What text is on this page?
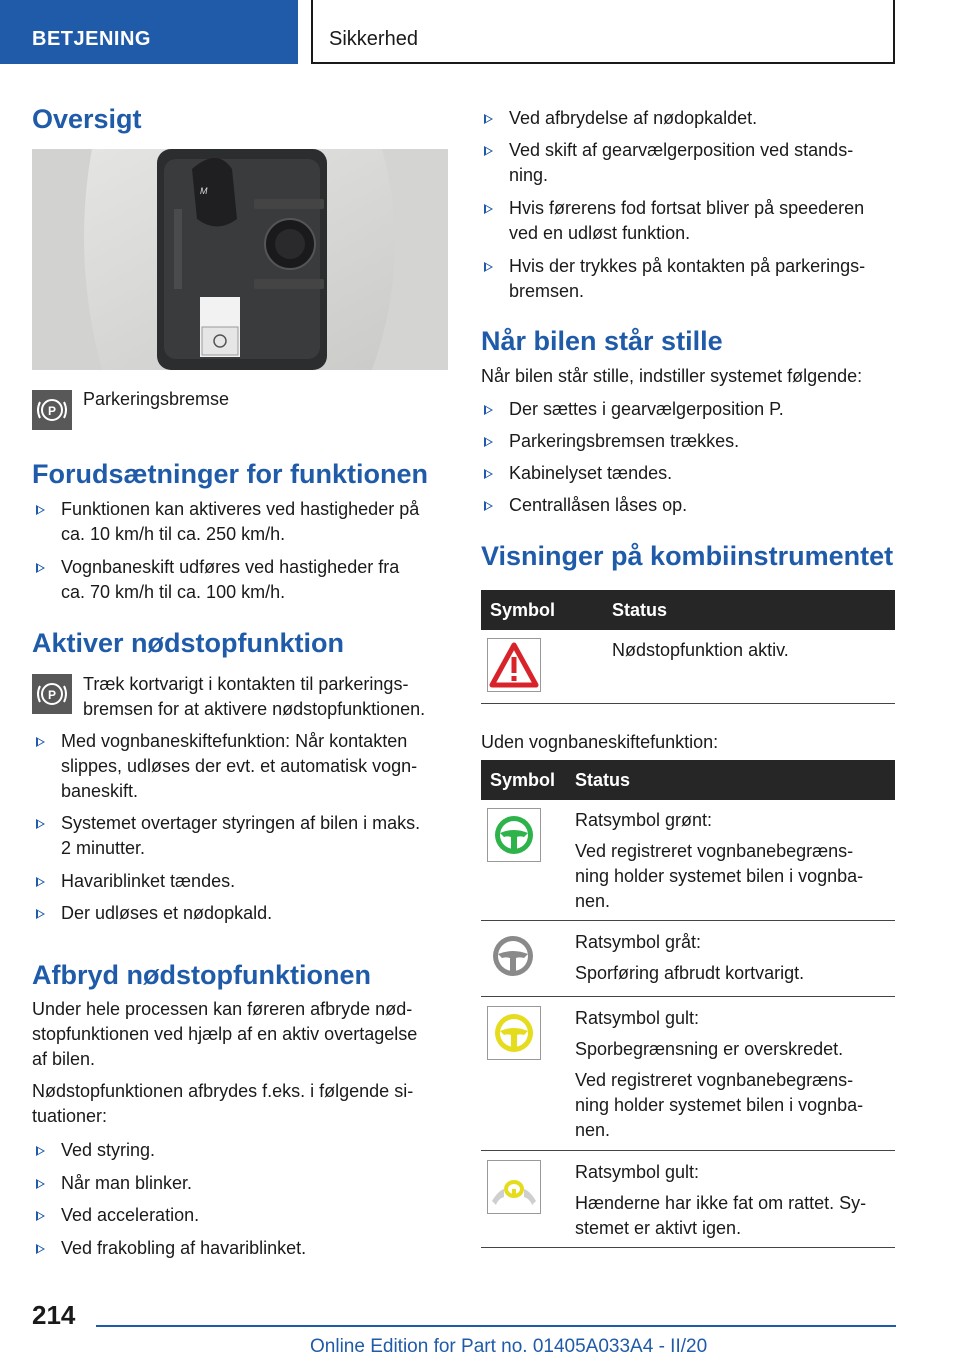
BETJENING	Sikkerhed
Oversigt
M
P
Parkeringsbremse
Forudsætninger for funktionen
Funktionen kan aktiveres ved hastigheder på
ca. 10 km/h til ca. 250 km/h.
Vognbaneskift udføres ved hastigheder fra
ca. 70 km/h til ca. 100 km/h.
Aktiver nødstopfunktion
P
Træk kortvarigt i kontakten til parkerings-
bremsen for at aktivere nødstopfunktionen.
Med vognbaneskiftefunktion: Når kontakten
slippes, udløses der evt. et automatisk vogn-
baneskift.
Systemet overtager styringen af bilen i maks.
2 minutter.
Havariblinket tændes.
Der udløses et nødopkald.
Afbryd nødstopfunktionen
Under hele processen kan føreren afbryde nød-
stopfunktionen ved hjælp af en aktiv overtagelse
af bilen.
Nødstopfunktionen afbrydes f.eks. i følgende si-
tuationer:
Ved styring.
Når man blinker.
Ved acceleration.
Ved frakobling af havariblinket.
Ved afbrydelse af nødopkaldet.
Ved skift af gearvælgerposition ved stands-
ning.
Hvis førerens fod fortsat bliver på speederen
ved en udløst funktion.
Hvis der trykkes på kontakten på parkerings-
bremsen.
Når bilen står stille
Når bilen står stille, indstiller systemet følgende:
Der sættes i gearvælgerposition P.
Parkeringsbremsen trækkes.
Kabinelyset tændes.
Centrallåsen låses op.
Visninger på kombiinstrumentet
Symbol	Status
Nødstopfunktion aktiv.
Uden vognbaneskiftefunktion:
Symbol Status
Ratsymbol grønt:
Ved registreret vognbanebegræns-
ning holder systemet bilen i vognba-
nen.
Ratsymbol gråt:
Sporføring afbrudt kortvarigt.
Ratsymbol gult:
Sporbegrænsning er overskredet.
Ved registreret vognbanebegræns-
ning holder systemet bilen i vognba-
nen.
Ratsymbol gult:
Hænderne har ikke fat om rattet. Sy-
stemet er aktivt igen.
214
Online Edition for Part no. 01405A033A4 - II/20
